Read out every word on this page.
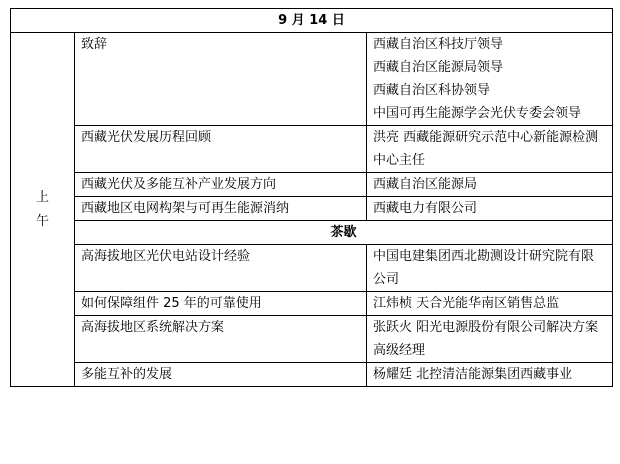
9 月 14 日		

上
午	致辞	西藏自治区科技厅领导
西藏自治区能源局领导
西藏自治区科协领导
中国可再生能源学会光伏专委会领导

	西藏光伏发展历程回顾	洪亮 西藏能源研究示范中心新能源检测中心主任

	西藏光伏及多能互补产业发展方向	西藏自治区能源局

	西藏地区电网构架与可再生能源消纳	西藏电力有限公司

	茶歇	
	高海拔地区光伏电站设计经验	中国电建集团西北勘测设计研究院有限公司

	如何保障组件 25 年的可靠使用	江炜桢 天合光能华南区销售总监

	高海拔地区系统解决方案	张跃火 阳光电源股份有限公司解决方案高级经理

	多能互补的发展	杨耀廷 北控清洁能源集团西藏事业
